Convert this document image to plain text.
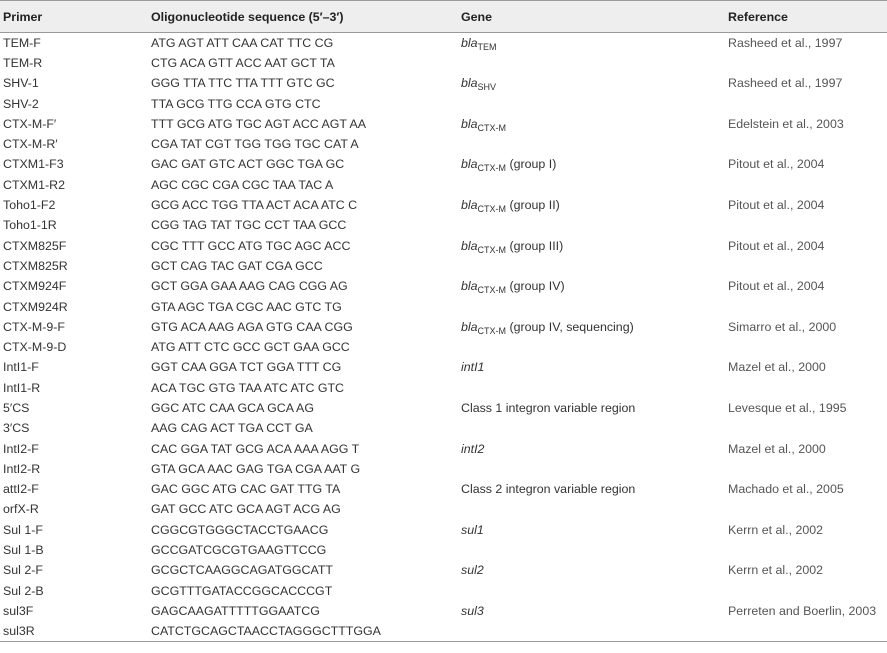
Primer	Oligonucleotide sequence (5′–3′)	Gene	Reference
TEM-F	ATG AGT ATT CAA CAT TTC CG	bla$_{TEM}$	Rasheed et al., 1997
TEM-R	CTG ACA GTT ACC AAT GCT TA		
SHV-1	GGG TTA TTC TTA TTT GTC GC	bla$_{SHV}$	Rasheed et al., 1997
SHV-2	TTA GCG TTG CCA GTG CTC		
CTX-M-F′	TTT GCG ATG TGC AGT ACC AGT AA	bla$_{CTX-M}$	Edelstein et al., 2003
CTX-M-R′	CGA TAT CGT TGG TGG TGC CAT A		
CTXM1-F3	GAC GAT GTC ACT GGC TGA GC	bla$_{CTX-M}$ (group I)	Pitout et al., 2004
CTXM1-R2	AGC CGC CGA CGC TAA TAC A		
Toho1-F2	GCG ACC TGG TTA ACT ACA ATC C	bla$_{CTX-M}$ (group II)	Pitout et al., 2004
Toho1-1R	CGG TAG TAT TGC CCT TAA GCC		
CTXM825F	CGC TTT GCC ATG TGC AGC ACC	bla$_{CTX-M}$ (group III)	Pitout et al., 2004
CTXM825R	GCT CAG TAC GAT CGA GCC		
CTXM924F	GCT GGA GAA AAG CAG CGG AG	bla$_{CTX-M}$ (group IV)	Pitout et al., 2004
CTXM924R	GTA AGC TGA CGC AAC GTC TG		
CTX-M-9-F	GTG ACA AAG AGA GTG CAA CGG	bla$_{CTX-M}$ (group IV, sequencing)	Simarro et al., 2000
CTX-M-9-D	ATG ATT CTC GCC GCT GAA GCC		
IntI1-F	GGT CAA GGA TCT GGA TTT CG	intI1	Mazel et al., 2000
IntI1-R	ACA TGC GTG TAA ATC ATC GTC		
5′CS	GGC ATC CAA GCA GCA AG	Class 1 integron variable region	Levesque et al., 1995
3′CS	AAG CAG ACT TGA CCT GA		
IntI2-F	CAC GGA TAT GCG ACA AAA AGG T	intI2	Mazel et al., 2000
IntI2-R	GTA GCA AAC GAG TGA CGA AAT G		
attI2-F	GAC GGC ATG CAC GAT TTG TA	Class 2 integron variable region	Machado et al., 2005
orfX-R	GAT GCC ATC GCA AGT ACG AG		
Sul 1-F	CGGCGTGGGCTACCTGAACG	sul1	Kerrn et al., 2002
Sul 1-B	GCCGATCGCGTGAAGTTCCG		
Sul 2-F	GCGCTCAAGGCAGATGGCATT	sul2	Kerrn et al., 2002
Sul 2-B	GCGTTTGATACCGGCACCCGT		
sul3F	GAGCAAGATTTTTGGAATCG	sul3	Perreten and Boerlin, 2003
sul3R	CATCTGCAGCTAACCTAGGGCTTTGGA		
